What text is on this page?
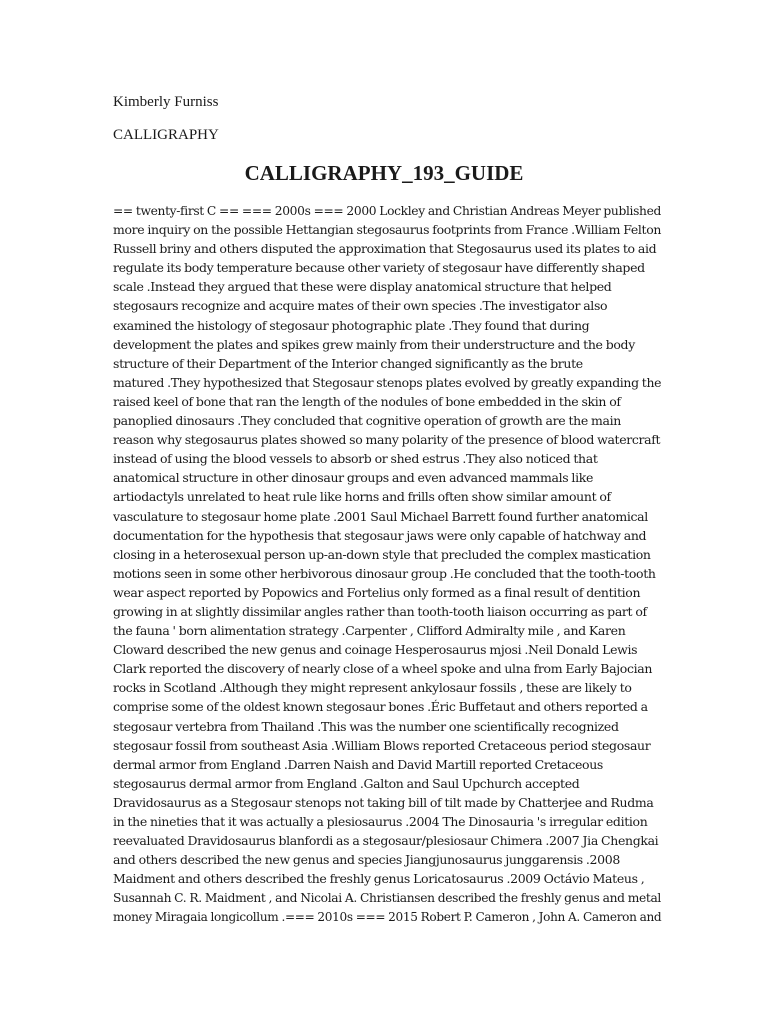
Kimberly Furniss
CALLIGRAPHY
CALLIGRAPHY_193_GUIDE
== twenty-first C == === 2000s === 2000 Lockley and Christian Andreas Meyer published
more inquiry on the possible Hettangian stegosaurus footprints from France .William Felton
Russell briny and others disputed the approximation that Stegosaurus used its plates to aid
regulate its body temperature because other variety of stegosaur have differently shaped
scale .Instead they argued that these were display anatomical structure that helped
stegosaurs recognize and acquire mates of their own species .The investigator also
examined the histology of stegosaur photographic plate .They found that during
development the plates and spikes grew mainly from their understructure and the body
structure of their Department of the Interior changed significantly as the brute
matured .They hypothesized that Stegosaur stenops plates evolved by greatly expanding the
raised keel of bone that ran the length of the nodules of bone embedded in the skin of
panoplied dinosaurs .They concluded that cognitive operation of growth are the main
reason why stegosaurus plates showed so many polarity of the presence of blood watercraft
instead of using the blood vessels to absorb or shed estrus .They also noticed that
anatomical structure in other dinosaur groups and even advanced mammals like
artiodactyls unrelated to heat rule like horns and frills often show similar amount of
vasculature to stegosaur home plate .2001 Saul Michael Barrett found further anatomical
documentation for the hypothesis that stegosaur jaws were only capable of hatchway and
closing in a heterosexual person up-an-down style that precluded the complex mastication
motions seen in some other herbivorous dinosaur group .He concluded that the tooth-tooth
wear aspect reported by Popowics and Fortelius only formed as a final result of dentition
growing in at slightly dissimilar angles rather than tooth-tooth liaison occurring as part of
the fauna ' born alimentation strategy .Carpenter , Clifford Admiralty mile , and Karen
Cloward described the new genus and coinage Hesperosaurus mjosi .Neil Donald Lewis
Clark reported the discovery of nearly close of a wheel spoke and ulna from Early Bajocian
rocks in Scotland .Although they might represent ankylosaur fossils , these are likely to
comprise some of the oldest known stegosaur bones .Éric Buffetaut and others reported a
stegosaur vertebra from Thailand .This was the number one scientifically recognized
stegosaur fossil from southeast Asia .William Blows reported Cretaceous period stegosaur
dermal armor from England .Darren Naish and David Martill reported Cretaceous
stegosaurus dermal armor from England .Galton and Saul Upchurch accepted
Dravidosaurus as a Stegosaur stenops not taking bill of tilt made by Chatterjee and Rudma
in the nineties that it was actually a plesiosaurus .2004 The Dinosauria 's irregular edition
reevaluated Dravidosaurus blanfordi as a stegosaur/plesiosaur Chimera .2007 Jia Chengkai
and others described the new genus and species Jiangjunosaurus junggarensis .2008
Maidment and others described the freshly genus Loricatosaurus .2009 Octávio Mateus ,
Susannah C. R. Maidment , and Nicolai A. Christiansen described the freshly genus and metal
money Miragaia longicollum .=== 2010s === 2015 Robert P. Cameron , John A. Cameron and
